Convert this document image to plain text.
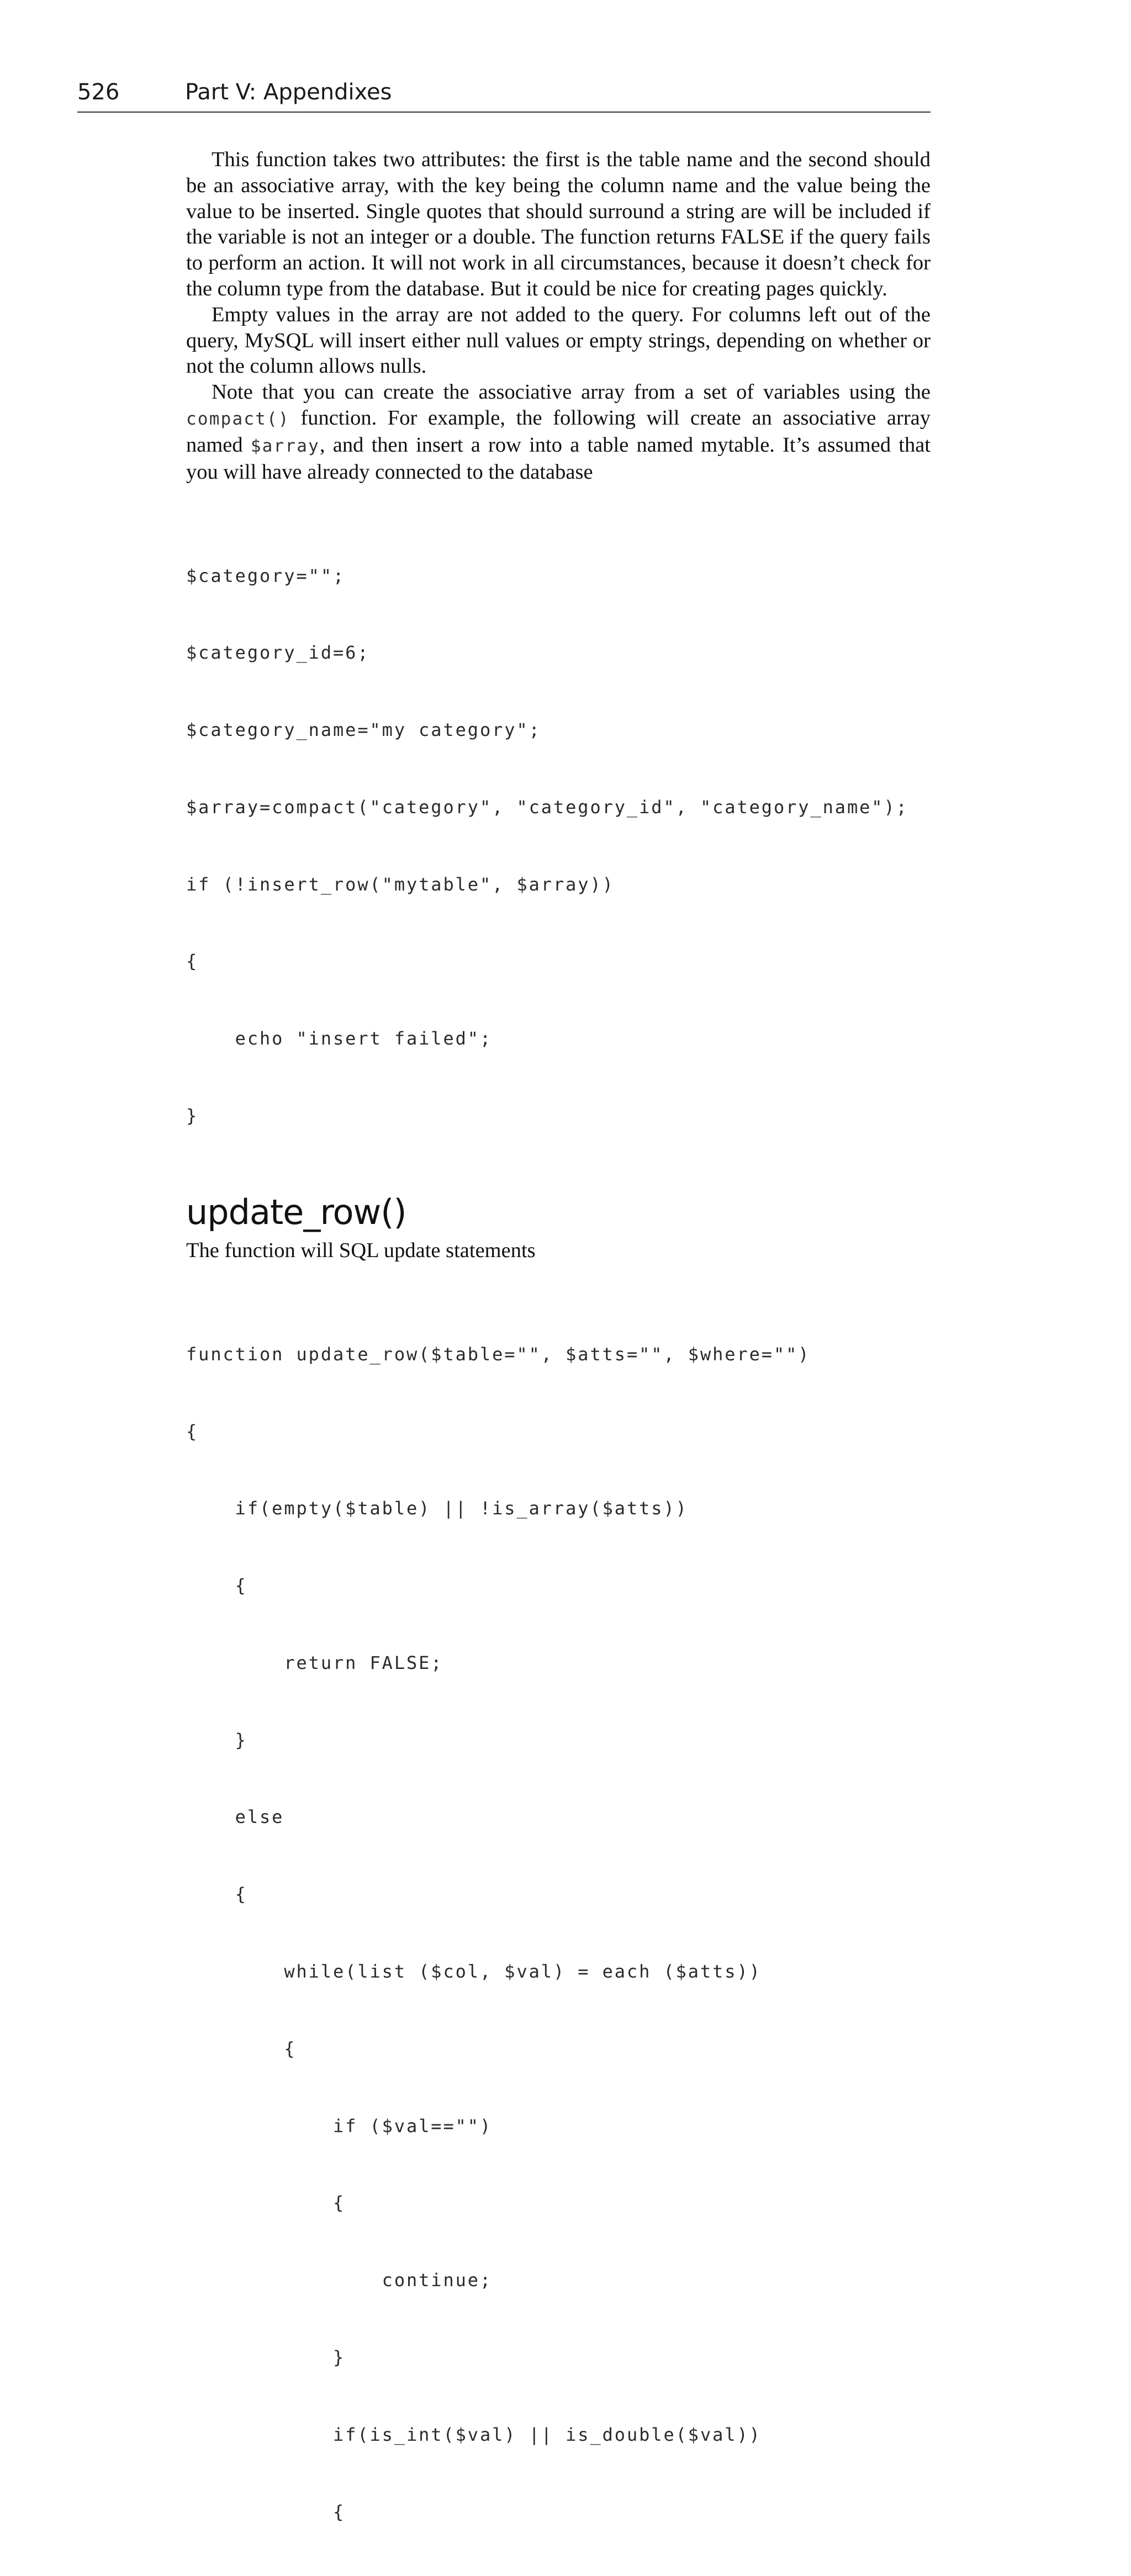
526	Part V: Appendixes

This function takes two attributes: the first is the table name and the second should be an associative array, with the key being the column name and the value being the value to be inserted. Single quotes that should surround a string are will be included if the variable is not an integer or a double. The function returns FALSE if the query fails to perform an action. It will not work in all circumstances, because it doesn’t check for the column type from the database. But it could be nice for creating pages quickly.

Empty values in the array are not added to the query. For columns left out of the query, MySQL will insert either null values or empty strings, depending on whether or not the column allows nulls.

Note that you can create the associative array from a set of variables using the compact() function. For example, the following will create an associative array named $array, and then insert a row into a table named mytable. It’s assumed that you will have already connected to the database

$category="";

$category_id=6;

$category_name="my category";

$array=compact("category", "category_id", "category_name");

if (!insert_row("mytable", $array))

{

echo "insert failed";

}

update_row()

The function will SQL update statements

function update_row($table="", $atts="", $where="")

{

if(empty($table) || !is_array($atts))

{

return FALSE;

}

else

{

while(list ($col, $val) = each ($atts))

{

if ($val=="")

{

continue;

}

if(is_int($val) || is_double($val))

{
